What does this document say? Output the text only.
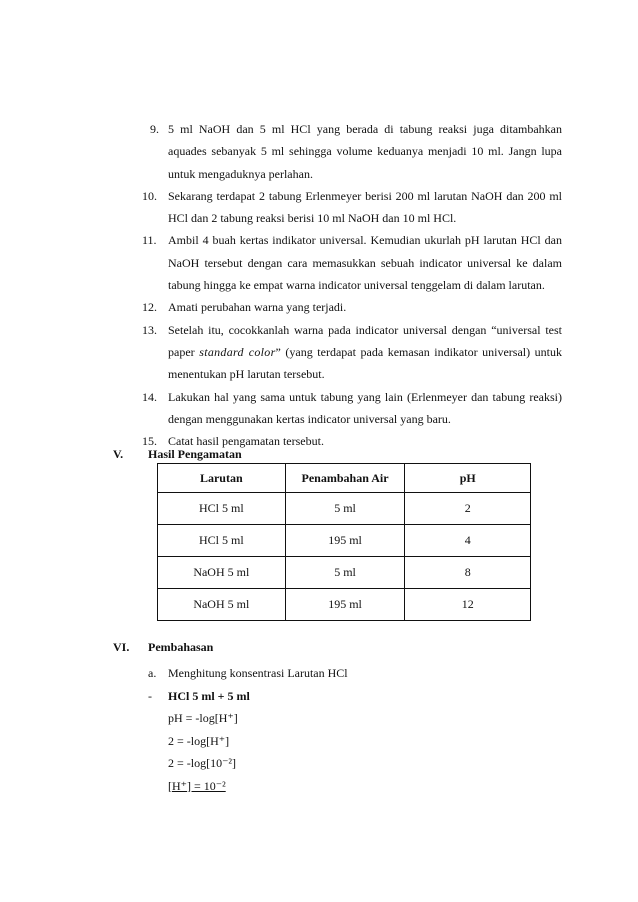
9. 5 ml NaOH dan 5 ml HCl yang berada di tabung reaksi juga ditambahkan aquades sebanyak 5 ml sehingga volume keduanya menjadi 10 ml. Jangn lupa untuk mengaduknya perlahan.
10. Sekarang terdapat 2 tabung Erlenmeyer berisi 200 ml larutan NaOH dan 200 ml HCl dan 2 tabung reaksi berisi 10 ml NaOH dan 10 ml HCl.
11. Ambil 4 buah kertas indikator universal. Kemudian ukurlah pH larutan HCl dan NaOH tersebut dengan cara memasukkan sebuah indicator universal ke dalam tabung hingga ke empat warna indicator universal tenggelam di dalam larutan.
12. Amati perubahan warna yang terjadi.
13. Setelah itu, cocokkanlah warna pada indicator universal dengan “universal test paper standard color” (yang terdapat pada kemasan indikator universal) untuk menentukan pH larutan tersebut.
14. Lakukan hal yang sama untuk tabung yang lain (Erlenmeyer dan tabung reaksi) dengan menggunakan kertas indicator universal yang baru.
15. Catat hasil pengamatan tersebut.
V. Hasil Pengamatan
Larutan	Penambahan Air	pH
HCl 5 ml	5 ml	2
HCl 5 ml	195 ml	4
NaOH 5 ml	5 ml	8
NaOH 5 ml	195 ml	12
VI. Pembahasan
a. Menghitung konsentrasi Larutan HCl
- HCl 5 ml + 5 ml
pH = -log[H⁺]
2 = -log[H⁺]
2 = -log[10⁻²]
[H⁺] = 10⁻²
